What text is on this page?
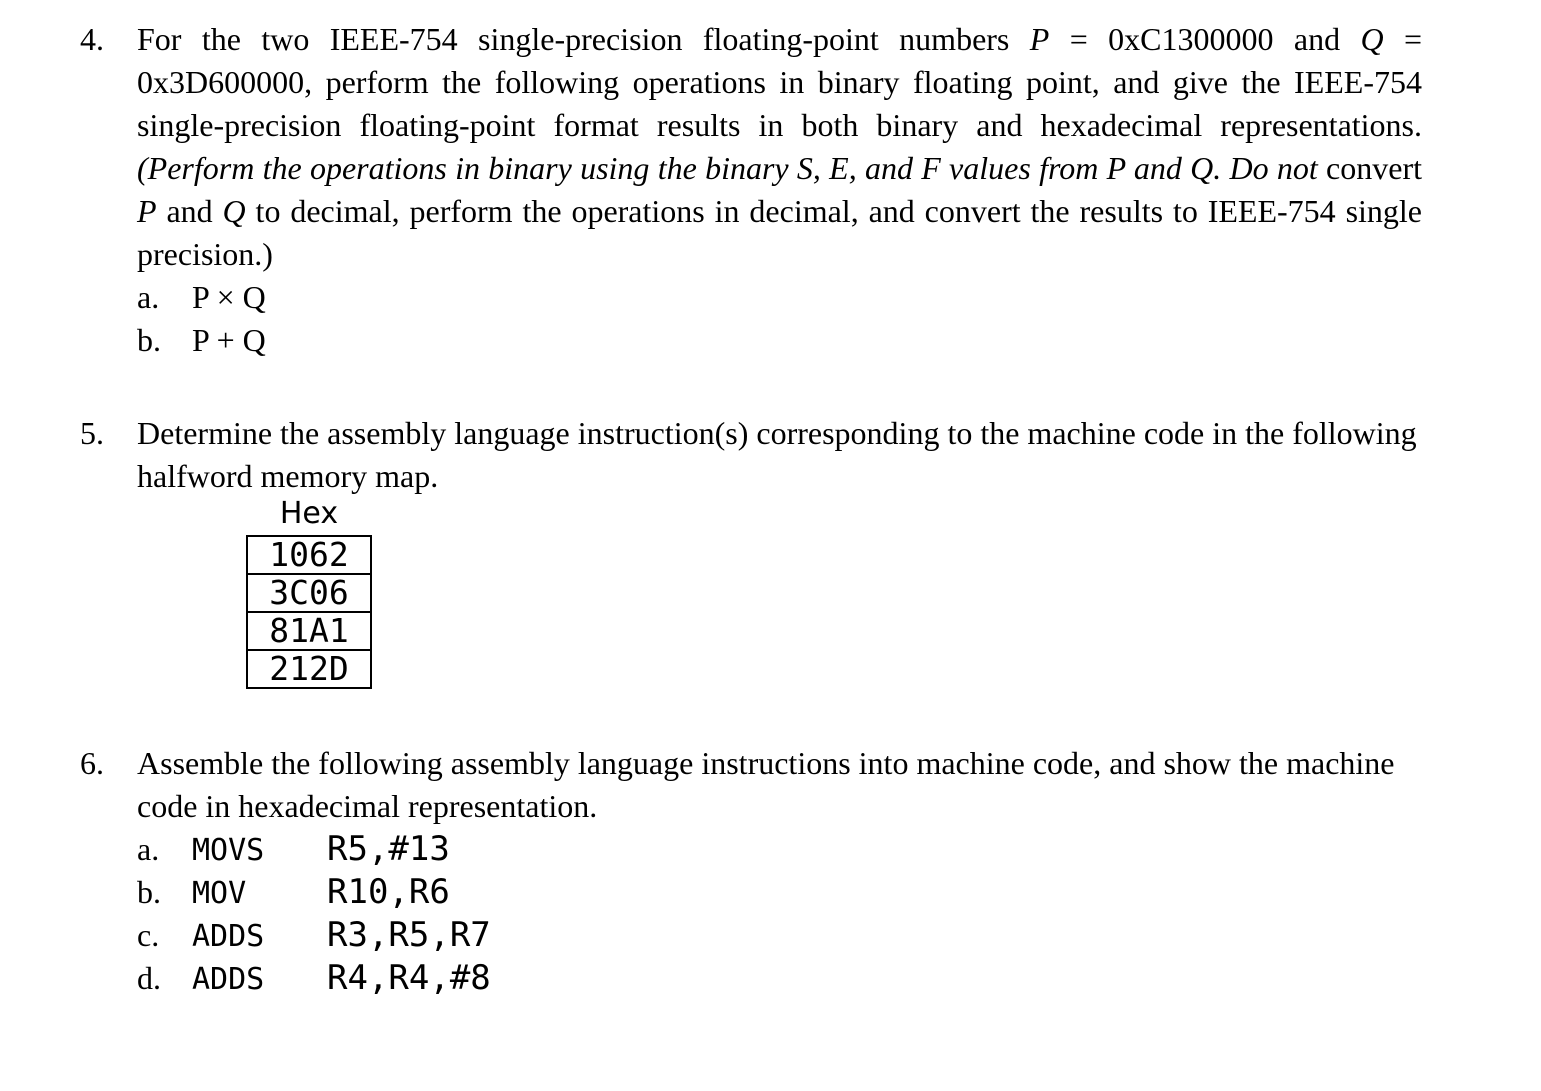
4. For the two IEEE-754 single-precision floating-point numbers P = 0xC1300000 and Q = 0x3D600000, perform the following operations in binary floating point, and give the IEEE-754 single-precision floating-point format results in both binary and hexadecimal representations. (Perform the operations in binary using the binary S, E, and F values from P and Q. Do not convert P and Q to decimal, perform the operations in decimal, and convert the results to IEEE-754 single precision.)
a. P × Q
b. P + Q
5. Determine the assembly language instruction(s) corresponding to the machine code in the following halfword memory map.
Hex
1062
3C06
81A1
212D
6. Assemble the following assembly language instructions into machine code, and show the machine code in hexadecimal representation.
a. MOVS R5,#13
b. MOV R10,R6
c. ADDS R3,R5,R7
d. ADDS R4,R4,#8
